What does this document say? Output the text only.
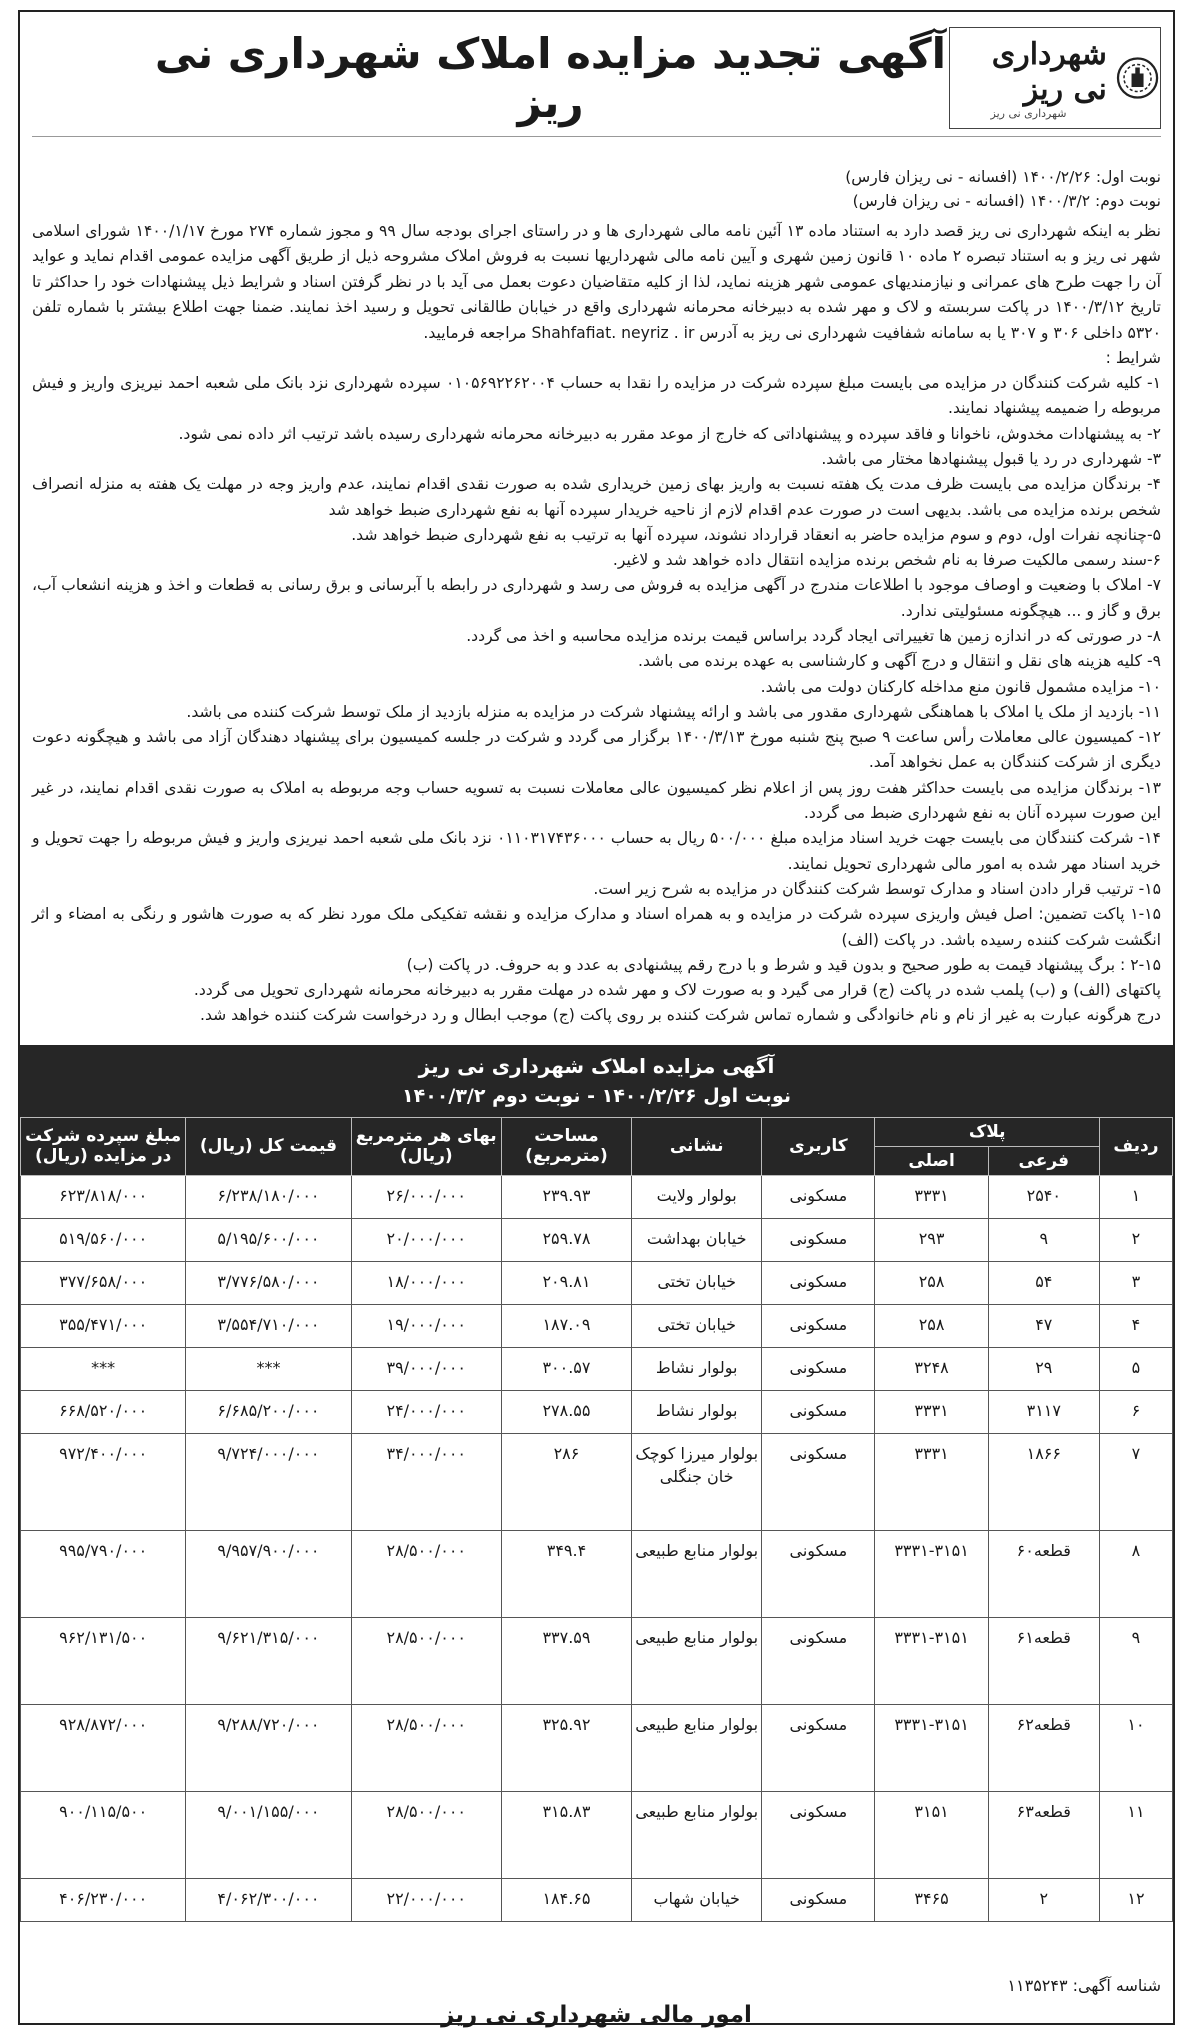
شهرداری نی ریز
شهرداری نی ریز
آگهی تجدید مزایده املاک شهرداری نی ریز
نوبت اول: ۱۴۰۰/۲/۲۶ (افسانه - نی ریزان فارس)
نوبت دوم: ۱۴۰۰/۳/۲ (افسانه - نی ریزان فارس)
نظر به اینکه شهرداری نی ریز قصد دارد به استناد ماده ۱۳ آئین نامه مالی شهرداری ها و در راستای اجرای بودجه سال ۹۹ و مجوز شماره ۲۷۴ مورخ ۱۴۰۰/۱/۱۷ شورای اسلامی شهر نی ریز و به استناد تبصره ۲ ماده ۱۰ قانون زمین شهری و آیین نامه مالی شهرداریها نسبت به فروش املاک مشروحه ذیل از طریق آگهی مزایده عمومی اقدام نماید و عواید آن را جهت طرح های عمرانی و نیازمندیهای عمومی شهر هزینه نماید، لذا از کلیه متقاضیان دعوت بعمل می آید با در نظر گرفتن اسناد و شرایط ذیل پیشنهادات خود را حداکثر تا تاریخ ۱۴۰۰/۳/۱۲ در پاکت سربسته و لاک و مهر شده به دبیرخانه محرمانه شهرداری واقع در خیابان طالقانی تحویل و رسید اخذ نمایند. ضمنا جهت اطلاع بیشتر با شماره تلفن ۵۳۲۰ داخلی ۳۰۶ و ۳۰۷ یا به سامانه شفافیت شهرداری نی ریز به آدرس Shahfafiat. neyriz . ir مراجعه فرمایید.
شرایط :
۱- کلیه شرکت کنندگان در مزایده می بایست مبلغ سپرده شرکت در مزایده را نقدا به حساب ۰۱۰۵۶۹۲۲۶۲۰۰۴ سپرده شهرداری نزد بانک ملی شعبه احمد نیریزی واریز و فیش مربوطه را ضمیمه پیشنهاد نمایند.
۲- به پیشنهادات مخدوش، ناخوانا و فاقد سپرده و پیشنهاداتی که خارج از موعد مقرر به دبیرخانه محرمانه شهرداری رسیده باشد ترتیب اثر داده نمی شود.
۳- شهرداری در رد یا قبول پیشنهادها مختار می باشد.
۴- برندگان مزایده می بایست ظرف مدت یک هفته نسبت به واریز بهای زمین خریداری شده به صورت نقدی اقدام نمایند، عدم واریز وجه در مهلت یک هفته به منزله انصراف شخص برنده مزایده می باشد. بدیهی است در صورت عدم اقدام لازم از ناحیه خریدار سپرده آنها به نفع شهرداری ضبط خواهد شد
۵-چنانچه نفرات اول، دوم و سوم مزایده حاضر به انعقاد قرارداد نشوند، سپرده آنها به ترتیب به نفع شهرداری ضبط خواهد شد.
۶-سند رسمی مالکیت صرفا به نام شخص برنده مزایده انتقال داده خواهد شد و لاغیر.
۷- املاک با وضعیت و اوصاف موجود با اطلاعات مندرج در آگهی مزایده به فروش می رسد و شهرداری در رابطه با آبرسانی و برق رسانی به قطعات و اخذ و هزینه انشعاب آب، برق و گاز و ... هیچگونه مسئولیتی ندارد.
۸- در صورتی که در اندازه زمین ها تغییراتی ایجاد گردد براساس قیمت برنده مزایده محاسبه و اخذ می گردد.
۹- کلیه هزینه های نقل و انتقال و درج آگهی و کارشناسی به عهده برنده می باشد.
۱۰- مزایده مشمول قانون منع مداخله کارکنان دولت می باشد.
۱۱- بازدید از ملک یا املاک با هماهنگی شهرداری مقدور می باشد و ارائه پیشنهاد شرکت در مزایده به منزله بازدید از ملک توسط شرکت کننده می باشد.
۱۲- کمیسیون عالی معاملات رأس ساعت ۹ صبح پنج شنبه مورخ ۱۴۰۰/۳/۱۳ برگزار می گردد و شرکت در جلسه کمیسیون برای پیشنهاد دهندگان آزاد می باشد و هیچگونه دعوت دیگری از شرکت کنندگان به عمل نخواهد آمد.
۱۳- برندگان مزایده می بایست حداکثر هفت روز پس از اعلام نظر کمیسیون عالی معاملات نسبت به تسویه حساب وجه مربوطه به املاک به صورت نقدی اقدام نمایند، در غیر این صورت سپرده آنان به نفع شهرداری ضبط می گردد.
۱۴- شرکت کنندگان می بایست جهت خرید اسناد مزایده مبلغ ۵۰۰/۰۰۰ ریال به حساب ۰۱۱۰۳۱۷۴۳۶۰۰۰ نزد بانک ملی شعبه احمد نیریزی واریز و فیش مربوطه را جهت تحویل و خرید اسناد مهر شده به امور مالی شهرداری تحویل نمایند.
۱۵- ترتیب قرار دادن اسناد و مدارک توسط شرکت کنندگان در مزایده به شرح زیر است.
۱-۱۵ پاکت تضمین: اصل فیش واریزی سپرده شرکت در مزایده و به همراه اسناد و مدارک مزایده و نقشه تفکیکی ملک مورد نظر که به صورت هاشور و رنگی به امضاء و اثر انگشت شرکت کننده رسیده باشد. در پاکت (الف)
۲-۱۵ : برگ پیشنهاد قیمت به طور صحیح و بدون قید و شرط و با درج رقم پیشنهادی به عدد و به حروف. در پاکت (ب)
پاکتهای (الف) و (ب) پلمب شده در پاکت (ج) قرار می گیرد و به صورت لاک و مهر شده در مهلت مقرر به دبیرخانه محرمانه شهرداری تحویل می گردد.
درج هرگونه عبارت به غیر از نام و نام خانوادگی و شماره تماس شرکت کننده بر روی پاکت (ج) موجب ابطال و رد درخواست شرکت کننده خواهد شد.
آگهی مزایده املاک شهرداری نی ریز
نوبت اول ۱۴۰۰/۲/۲۶ - نوبت دوم ۱۴۰۰/۳/۲
ردیف	پلاک		کاربری	نشانی	مساحت (مترمربع)	بهای هر مترمربع (ریال)	قیمت کل (ریال)	مبلغ سپرده شرکت در مزایده (ریال)
	فرعی	اصلی						
۱	۲۵۴۰	۳۳۳۱	مسکونی	بولوار ولایت	۲۳۹.۹۳	۲۶/۰۰۰/۰۰۰	۶/۲۳۸/۱۸۰/۰۰۰	۶۲۳/۸۱۸/۰۰۰
۲	۹	۲۹۳	مسکونی	خیابان بهداشت	۲۵۹.۷۸	۲۰/۰۰۰/۰۰۰	۵/۱۹۵/۶۰۰/۰۰۰	۵۱۹/۵۶۰/۰۰۰
۳	۵۴	۲۵۸	مسکونی	خیابان تختی	۲۰۹.۸۱	۱۸/۰۰۰/۰۰۰	۳/۷۷۶/۵۸۰/۰۰۰	۳۷۷/۶۵۸/۰۰۰
۴	۴۷	۲۵۸	مسکونی	خیابان تختی	۱۸۷.۰۹	۱۹/۰۰۰/۰۰۰	۳/۵۵۴/۷۱۰/۰۰۰	۳۵۵/۴۷۱/۰۰۰
۵	۲۹	۳۲۴۸	مسکونی	بولوار نشاط	۳۰۰.۵۷	۳۹/۰۰۰/۰۰۰	***	***
۶	۳۱۱۷	۳۳۳۱	مسکونی	بولوار نشاط	۲۷۸.۵۵	۲۴/۰۰۰/۰۰۰	۶/۶۸۵/۲۰۰/۰۰۰	۶۶۸/۵۲۰/۰۰۰
۷	۱۸۶۶	۳۳۳۱	مسکونی	بولوار میرزا کوچک خان جنگلی	۲۸۶	۳۴/۰۰۰/۰۰۰	۹/۷۲۴/۰۰۰/۰۰۰	۹۷۲/۴۰۰/۰۰۰
۸	قطعه۶۰	۳۳۳۱-۳۱۵۱	مسکونی	بولوار منابع طبیعی	۳۴۹.۴	۲۸/۵۰۰/۰۰۰	۹/۹۵۷/۹۰۰/۰۰۰	۹۹۵/۷۹۰/۰۰۰
۹	قطعه۶۱	۳۳۳۱-۳۱۵۱	مسکونی	بولوار منابع طبیعی	۳۳۷.۵۹	۲۸/۵۰۰/۰۰۰	۹/۶۲۱/۳۱۵/۰۰۰	۹۶۲/۱۳۱/۵۰۰
۱۰	قطعه۶۲	۳۳۳۱-۳۱۵۱	مسکونی	بولوار منابع طبیعی	۳۲۵.۹۲	۲۸/۵۰۰/۰۰۰	۹/۲۸۸/۷۲۰/۰۰۰	۹۲۸/۸۷۲/۰۰۰
۱۱	قطعه۶۳	۳۱۵۱	مسکونی	بولوار منابع طبیعی	۳۱۵.۸۳	۲۸/۵۰۰/۰۰۰	۹/۰۰۱/۱۵۵/۰۰۰	۹۰۰/۱۱۵/۵۰۰
۱۲	۲	۳۴۶۵	مسکونی	خیابان شهاب	۱۸۴.۶۵	۲۲/۰۰۰/۰۰۰	۴/۰۶۲/۳۰۰/۰۰۰	۴۰۶/۲۳۰/۰۰۰
شناسه آگهی: ۱۱۳۵۲۴۳
امور مالی شهرداری نی ریز
